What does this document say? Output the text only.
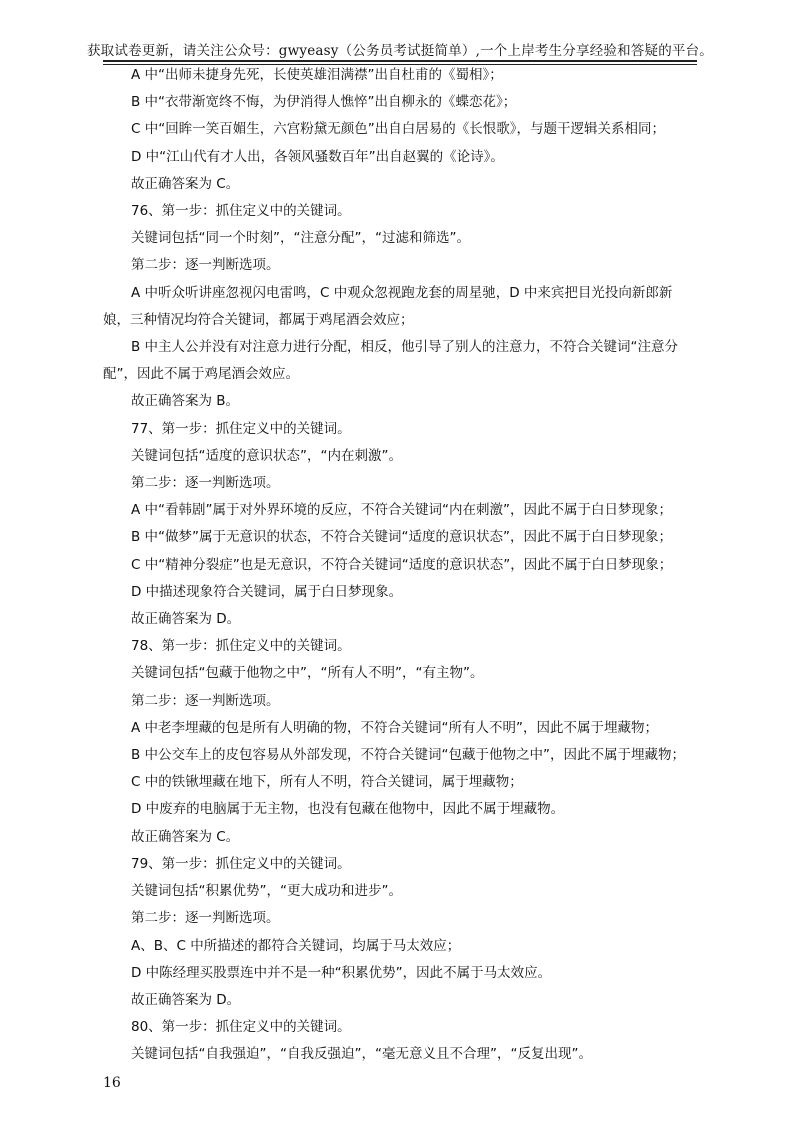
获取试卷更新，请关注公众号：gwyeasy（公务员考试挺简单）,一个上岸考生分享经验和答疑的平台。

A 中“出师未捷身先死，长使英雄泪满襟”出自杜甫的《蜀相》；

B 中“衣带渐宽终不悔，为伊消得人憔悴”出自柳永的《蝶恋花》；

C 中“回眸一笑百媚生，六宫粉黛无颜色”出自白居易的《长恨歌》，与题干逻辑关系相同；

D 中“江山代有才人出，各领风骚数百年”出自赵翼的《论诗》。

故正确答案为 C。

76、第一步：抓住定义中的关键词。

关键词包括“同一个时刻”，“注意分配”，“过滤和筛选”。

第二步：逐一判断选项。

A 中听众听讲座忽视闪电雷鸣，C 中观众忽视跑龙套的周星驰，D 中来宾把目光投向新郎新娘，三种情况均符合关键词，都属于鸡尾酒会效应；

B 中主人公并没有对注意力进行分配，相反，他引导了别人的注意力，不符合关键词“注意分配”，因此不属于鸡尾酒会效应。

故正确答案为 B。

77、第一步：抓住定义中的关键词。

关键词包括“适度的意识状态”，“内在刺激”。

第二步：逐一判断选项。

A 中“看韩剧”属于对外界环境的反应，不符合关键词“内在刺激”，因此不属于白日梦现象；

B 中“做梦”属于无意识的状态，不符合关键词“适度的意识状态”，因此不属于白日梦现象；

C 中“精神分裂症”也是无意识，不符合关键词“适度的意识状态”，因此不属于白日梦现象；

D 中描述现象符合关键词，属于白日梦现象。

故正确答案为 D。

78、第一步：抓住定义中的关键词。

关键词包括“包藏于他物之中”，“所有人不明”，“有主物”。

第二步：逐一判断选项。

A 中老李埋藏的包是所有人明确的物，不符合关键词“所有人不明”，因此不属于埋藏物；

B 中公交车上的皮包容易从外部发现，不符合关键词“包藏于他物之中”，因此不属于埋藏物；

C 中的铁锹埋藏在地下，所有人不明，符合关键词，属于埋藏物；

D 中废弃的电脑属于无主物，也没有包藏在他物中，因此不属于埋藏物。

故正确答案为 C。

79、第一步：抓住定义中的关键词。

关键词包括“积累优势”，“更大成功和进步”。

第二步：逐一判断选项。

A、B、C 中所描述的都符合关键词，均属于马太效应；

D 中陈经理买股票连中并不是一种“积累优势”，因此不属于马太效应。

故正确答案为 D。

80、第一步：抓住定义中的关键词。

关键词包括“自我强迫”，“自我反强迫”，“毫无意义且不合理”，“反复出现”。

16
